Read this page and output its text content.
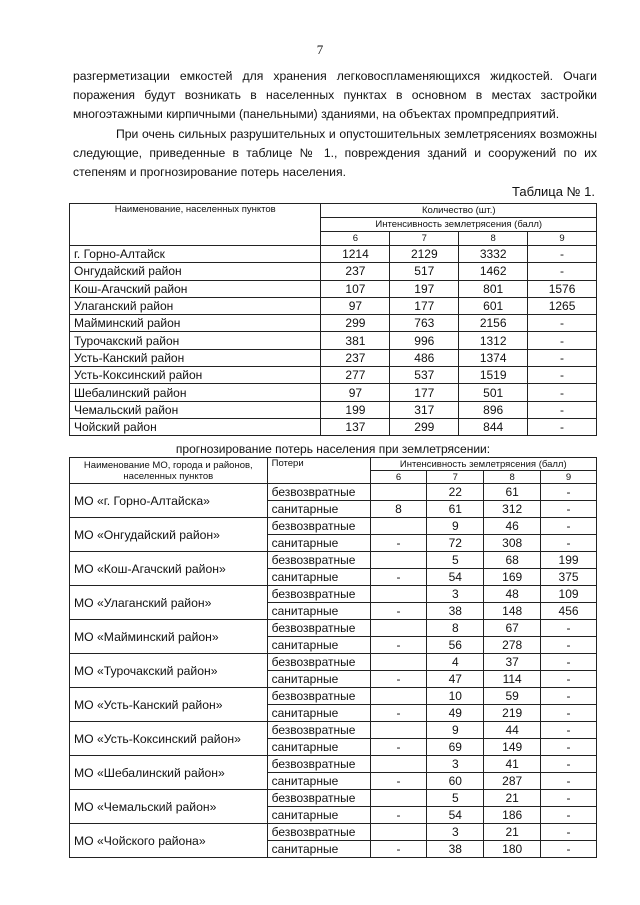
7

разгерметизации емкостей для хранения легковоспламеняющихся жидкостей. Очаги поражения будут возникать в населенных пунктах в основном в местах застройки многоэтажными кирпичными (панельными) зданиями, на объектах промпредприятий.

При очень сильных разрушительных и опустошительных землетрясениях возможны следующие, приведенные в таблице № 1., повреждения зданий и сооружений по их степеням и прогнозирование потерь населения.

Таблица № 1.
Наименование, населенных пунктов	Количество (шт.)			
	Интенсивность землетрясения (балл)			
	6	7	8	9
г. Горно-Алтайск	1214	2129	3332	-
Онгудайский район	237	517	1462	-
Кош-Агачский район	107	197	801	1576
Улаганский район	97	177	601	1265
Майминский район	299	763	2156	-
Турочакский район	381	996	1312	-
Усть-Канский район	237	486	1374	-
Усть-Коксинский район	277	537	1519	-
Шебалинский район	97	177	501	-
Чемальский район	199	317	896	-
Чойский район	137	299	844	-
прогнозирование потерь населения при землетрясении:
Наименование МО, города и районов, населенных пунктов	Потери	Интенсивность землетрясения (балл)			
		6	7	8	9
МО «г. Горно-Алтайска»	безвозвратные		22	61	-
	санитарные	8	61	312	-
МО «Онгудайский район»	безвозвратные		9	46	-
	санитарные	-	72	308	-
МО «Кош-Агачский район»	безвозвратные		5	68	199
	санитарные	-	54	169	375
МО «Улаганский район»	безвозвратные		3	48	109
	санитарные	-	38	148	456
МО «Майминский район»	безвозвратные		8	67	-
	санитарные	-	56	278	-
МО «Турочакский район»	безвозвратные		4	37	-
	санитарные	-	47	114	-
МО «Усть-Канский район»	безвозвратные		10	59	-
	санитарные	-	49	219	-
МО «Усть-Коксинский район»	безвозвратные		9	44	-
	санитарные	-	69	149	-
МО «Шебалинский район»	безвозвратные		3	41	-
	санитарные	-	60	287	-
МО «Чемальский район»	безвозвратные		5	21	-
	санитарные	-	54	186	-
МО «Чойского района»	безвозвратные		3	21	-
	санитарные	-	38	180	-
